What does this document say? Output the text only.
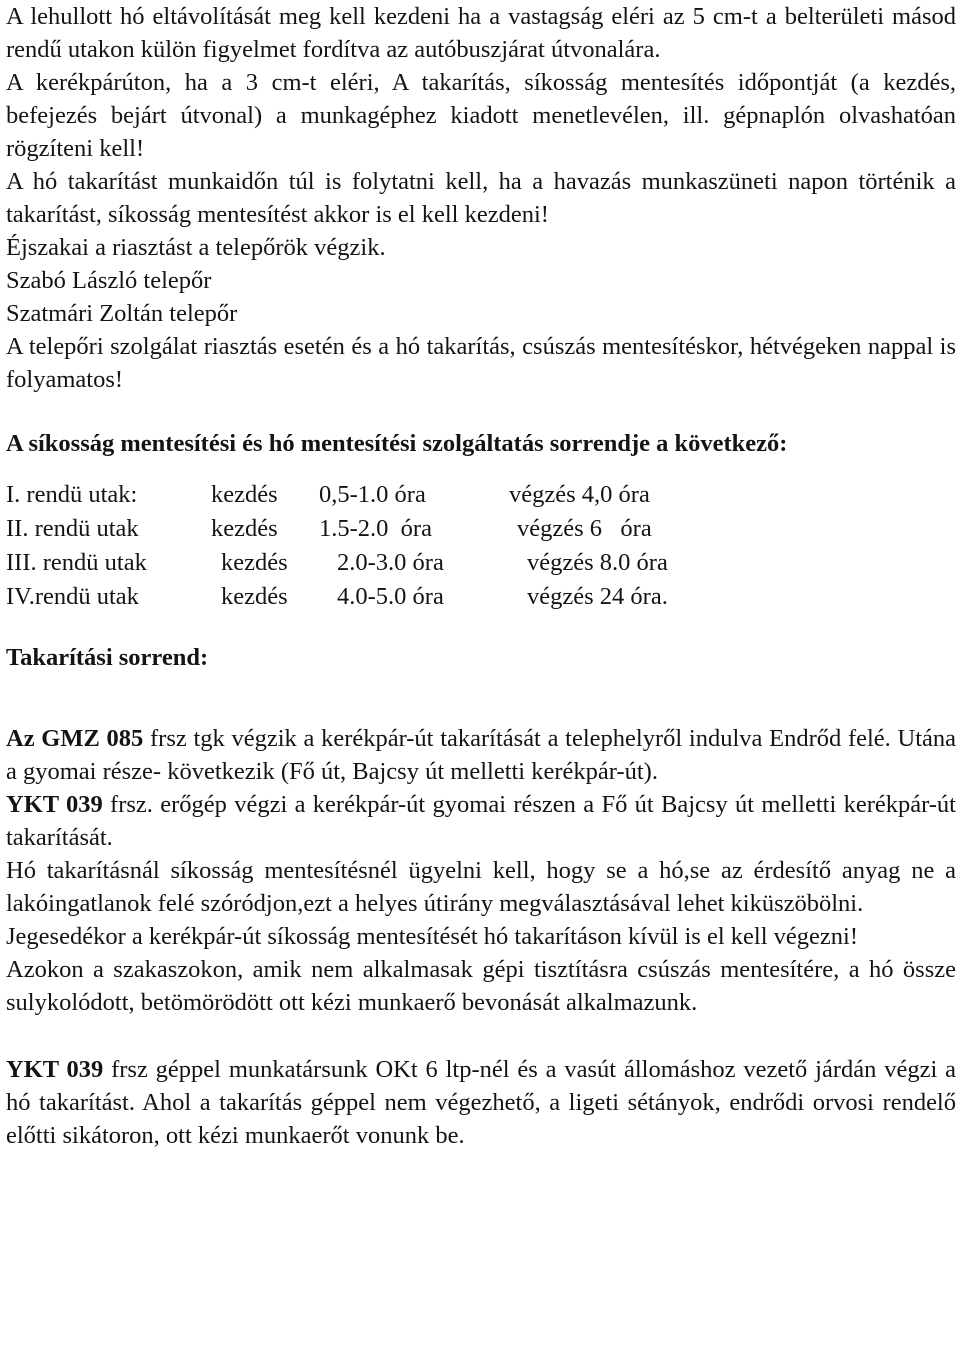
A lehullott hó eltávolítását meg kell kezdeni ha a vastagság eléri az 5 cm-t a belterületi másod rendű utakon külön figyelmet fordítva az autóbuszjárat útvonalára.

A kerékpárúton, ha a 3 cm-t eléri, A takarítás, síkosság mentesítés időpontját (a kezdés, befejezés bejárt útvonal) a munkagéphez kiadott menetlevélen, ill. gépnaplón olvashatóan rögzíteni kell!

A hó takarítást munkaidőn túl is folytatni kell, ha a havazás munkaszüneti napon történik a takarítást, síkosság mentesítést akkor is el kell kezdeni!

Éjszakai a riasztást a telepőrök végzik.

Szabó László telepőr

Szatmári Zoltán telepőr

A telepőri szolgálat riasztás esetén és a hó takarítás, csúszás mentesítéskor, hétvégeken nappal is folyamatos!

A síkosság mentesítési és hó mentesítési szolgáltatás sorrendje a következő:

I. rendü utak:	kezdés	0,5-1.0 óra	végzés 4,0 óra
II. rendü utak	kezdés	1.5-2.0  óra	végzés 6   óra
III. rendü utak	kezdés	2.0-3.0 óra	végzés 8.0 óra
IV.rendü utak	kezdés	4.0-5.0 óra	végzés 24 óra.

Takarítási sorrend:

Az GMZ 085 frsz tgk végzik a kerékpár-út takarítását a telephelyről indulva Endrőd felé. Utána a gyomai része- következik (Fő út, Bajcsy út melletti kerékpár-út).

YKT 039 frsz. erőgép végzi a kerékpár-út gyomai részen a Fő út Bajcsy út melletti kerékpár-út takarítását.

Hó takarításnál síkosság mentesítésnél ügyelni kell, hogy se a hó,se az érdesítő anyag ne a lakóingatlanok felé szóródjon,ezt a helyes útirány megválasztásával lehet kiküszöbölni.

Jegesedékor a kerékpár-út síkosság mentesítését hó takarításon kívül is el kell végezni!

Azokon a szakaszokon, amik nem alkalmasak gépi tisztításra csúszás mentesítére, a hó össze sulykolódott, betömörödött ott kézi munkaerő bevonását alkalmazunk.

YKT 039 frsz géppel munkatársunk OKt 6 ltp-nél és a vasút állomáshoz vezető járdán végzi a hó takarítást. Ahol a takarítás géppel nem végezhető, a ligeti sétányok, endrődi orvosi rendelő előtti sikátoron, ott kézi munkaerőt vonunk be.
